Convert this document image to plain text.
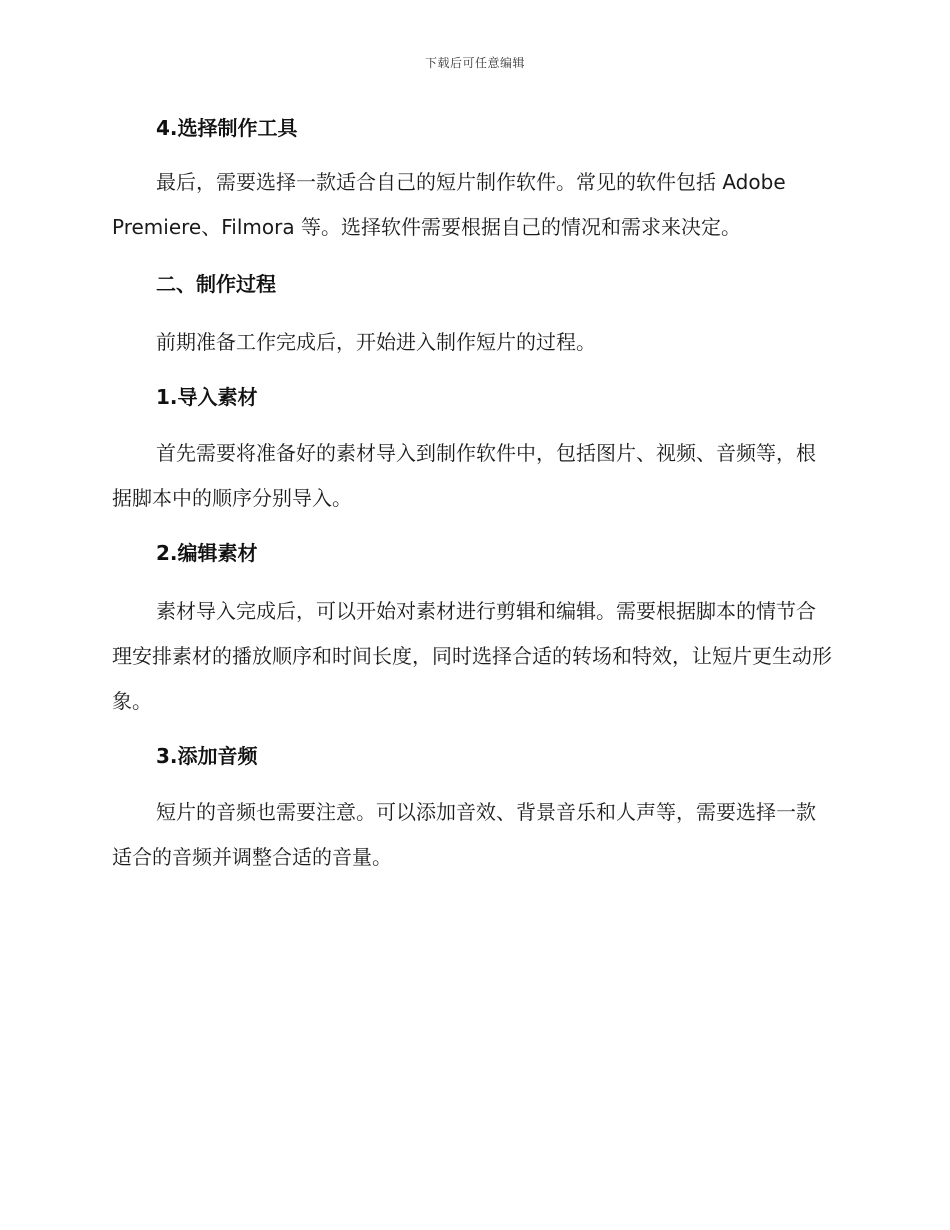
下载后可任意编辑
4.选择制作工具

最后，需要选择一款适合自己的短片制作软件。常见的软件包括 Adobe Premiere、Filmora 等。选择软件需要根据自己的情况和需求来决定。

二、制作过程

前期准备工作完成后，开始进入制作短片的过程。

1.导入素材

首先需要将准备好的素材导入到制作软件中，包括图片、视频、音频等，根据脚本中的顺序分别导入。

2.编辑素材

素材导入完成后，可以开始对素材进行剪辑和编辑。需要根据脚本的情节合理安排素材的播放顺序和时间长度，同时选择合适的转场和特效，让短片更生动形象。

3.添加音频

短片的音频也需要注意。可以添加音效、背景音乐和人声等，需要选择一款适合的音频并调整合适的音量。
